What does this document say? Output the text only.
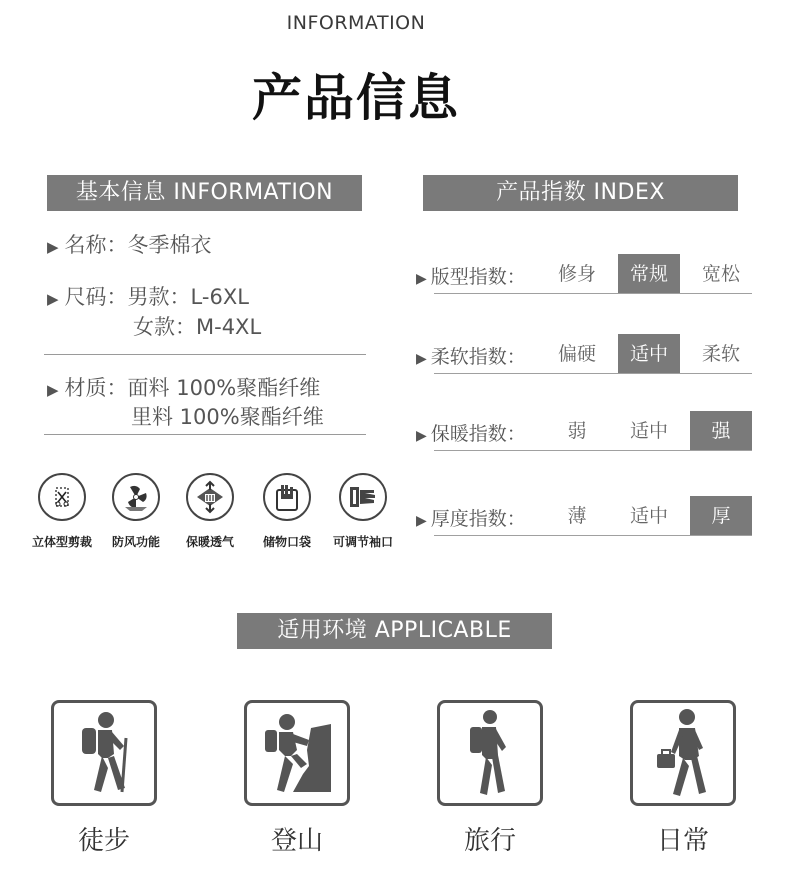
INFORMATION
产品信息
基本信息 INFORMATION
▶ 名称：冬季棉衣
▶ 尺码：男款：L-6XL
女款：M-4XL
▶ 材质：面料 100%聚酯纤维
里料 100%聚酯纤维
立体型剪裁	防风功能	保暖透气	储物口袋	可调节袖口
产品指数 INDEX
▶ 版型指数：	修身	常规	宽松
▶ 柔软指数：	偏硬	适中	柔软
▶ 保暖指数：	弱	适中	强
▶ 厚度指数：	薄	适中	厚
适用环境 APPLICABLE
徒步	登山	旅行	日常
